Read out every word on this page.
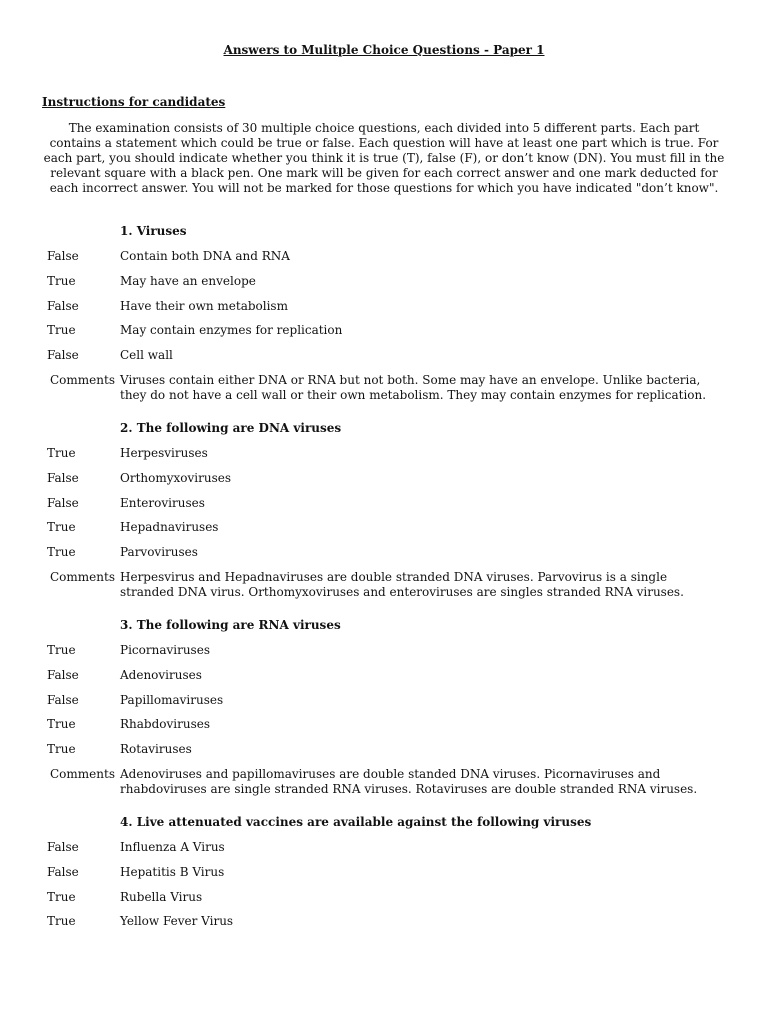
Answers to Mulitple Choice Questions - Paper 1
Instructions for candidates
The examination consists of 30 multiple choice questions, each divided into 5 different parts. Each part contains a statement which could be true or false. Each question will have at least one part which is true. For each part, you should indicate whether you think it is true (T), false (F), or don’t know (DN). You must fill in the relevant square with a black pen. One mark will be given for each correct answer and one mark deducted for each incorrect answer. You will not be marked for those questions for which you have indicated "don’t know".
1. Viruses
False	Contain both DNA and RNA
True	May have an envelope
False	Have their own metabolism
True	May contain enzymes for replication
False	Cell wall
Comments Viruses contain either DNA or RNA but not both. Some may have an envelope. Unlike bacteria, they do not have a cell wall or their own metabolism. They may contain enzymes for replication.
2. The following are DNA viruses
True	Herpesviruses
False	Orthomyxoviruses
False	Enteroviruses
True	Hepadnaviruses
True	Parvoviruses
Comments Herpesvirus and Hepadnaviruses are double stranded DNA viruses. Parvovirus is a single stranded DNA virus. Orthomyxoviruses and enteroviruses are singles stranded RNA viruses.
3. The following are RNA viruses
True	Picornaviruses
False	Adenoviruses
False	Papillomaviruses
True	Rhabdoviruses
True	Rotaviruses
Comments Adenoviruses and papillomaviruses are double standed DNA viruses. Picornaviruses and rhabdoviruses are single stranded RNA viruses. Rotaviruses are double stranded RNA viruses.
4. Live attenuated vaccines are available against the following viruses
False	Influenza A Virus
False	Hepatitis B Virus
True	Rubella Virus
True	Yellow Fever Virus
